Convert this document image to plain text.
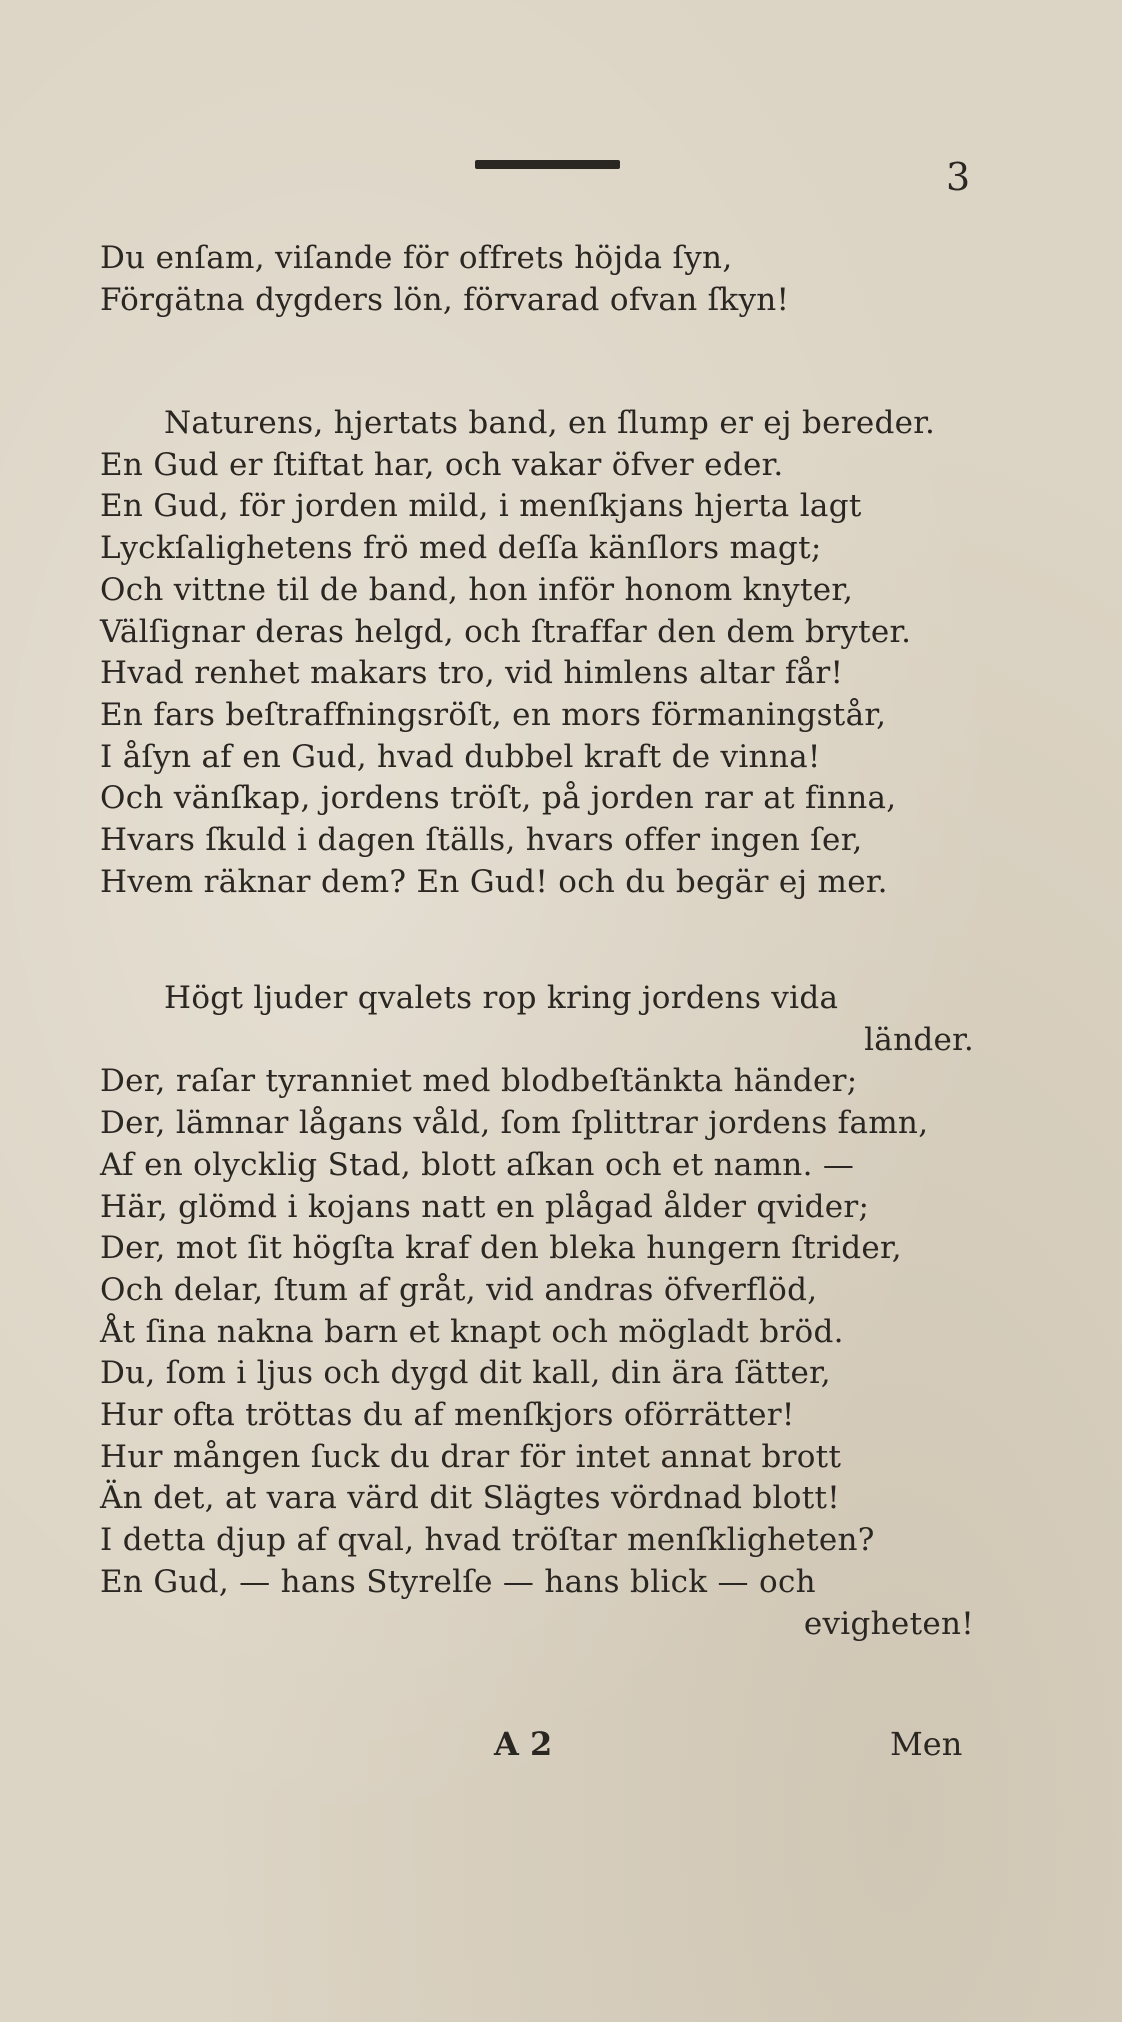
3
Du enſam, viſande för offrets höjda ſyn,
Förgätna dygders lön, förvarad ofvan ſkyn!
Naturens, hjertats band, en ſlump er ej bereder.
En Gud er ſtiftat har, och vakar öfver eder.
En Gud, för jorden mild, i menſkjans hjerta lagt
Lyckſalighetens frö med deſſa känſlors magt;
Och vittne til de band, hon inför honom knyter,
Välſignar deras helgd, och ſtraffar den dem bryter.
Hvad renhet makars tro, vid himlens altar får!
En fars beſtraffningsröſt, en mors förmaningstår,
I åſyn af en Gud, hvad dubbel kraft de vinna!
Och vänſkap, jordens tröſt, på jorden rar at finna,
Hvars ſkuld i dagen ſtälls, hvars offer ingen ſer,
Hvem räknar dem? En Gud! och du begär ej mer.
Högt ljuder qvalets rop kring jordens vida
länder.
Der, raſar tyranniet med blodbeſtänkta händer;
Der, lämnar lågans våld, ſom ſplittrar jordens famn,
Af en olycklig Stad, blott aſkan och et namn. —
Här, glömd i kojans natt en plågad ålder qvider;
Der, mot ſit högſta kraf den bleka hungern ſtrider,
Och delar, ſtum af gråt, vid andras öfverflöd,
Åt ſina nakna barn et knapt och mögladt bröd.
Du, ſom i ljus och dygd dit kall, din ära ſätter,
Hur ofta tröttas du af menſkjors oförrätter!
Hur mången ſuck du drar för intet annat brott
Än det, at vara värd dit Slägtes vördnad blott!
I detta djup af qval, hvad tröſtar menſkligheten?
En Gud, — hans Styrelſe — hans blick — och
evigheten!
A 2	Men
